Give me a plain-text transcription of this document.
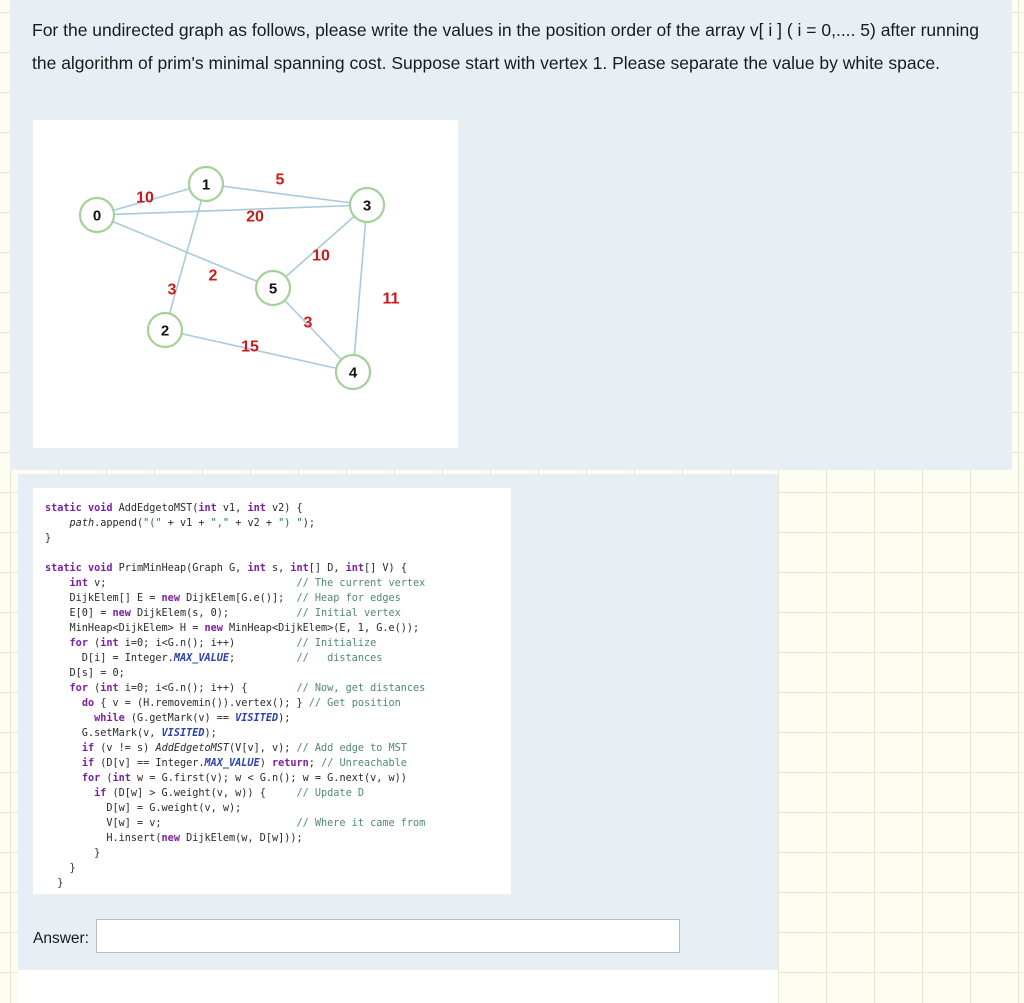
For the undirected graph as follows, please write the values in the position order of the array v[ i ] ( i = 0,.... 5) after running the algorithm of prim's minimal spanning cost. Suppose start with vertex 1. Please separate the value by white space.
10
5
20
3
2
10
11
3
15
0
1
2
3
4
5
static void AddEdgetoMST(int v1, int v2) {
path.append("(" + v1 + "," + v2 + ") ");
}

static void PrimMinHeap(Graph G, int s, int[] D, int[] V) {
int v;                               // The current vertex
DijkElem[] E = new DijkElem[G.e()];  // Heap for edges
E[0] = new DijkElem(s, 0);           // Initial vertex
MinHeap<DijkElem> H = new MinHeap<DijkElem>(E, 1, G.e());
for (int i=0; i<G.n(); i++)          // Initialize
D[i] = Integer.MAX_VALUE;          //   distances
D[s] = 0;
for (int i=0; i<G.n(); i++) {        // Now, get distances
do { v = (H.removemin()).vertex(); } // Get position
while (G.getMark(v) == VISITED);
G.setMark(v, VISITED);
if (v != s) AddEdgetoMST(V[v], v); // Add edge to MST
if (D[v] == Integer.MAX_VALUE) return; // Unreachable
for (int w = G.first(v); w < G.n(); w = G.next(v, w))
if (D[w] > G.weight(v, w)) {     // Update D
D[w] = G.weight(v, w);
V[w] = v;                      // Where it came from
H.insert(new DijkElem(w, D[w]));
}
}
}
Answer:
